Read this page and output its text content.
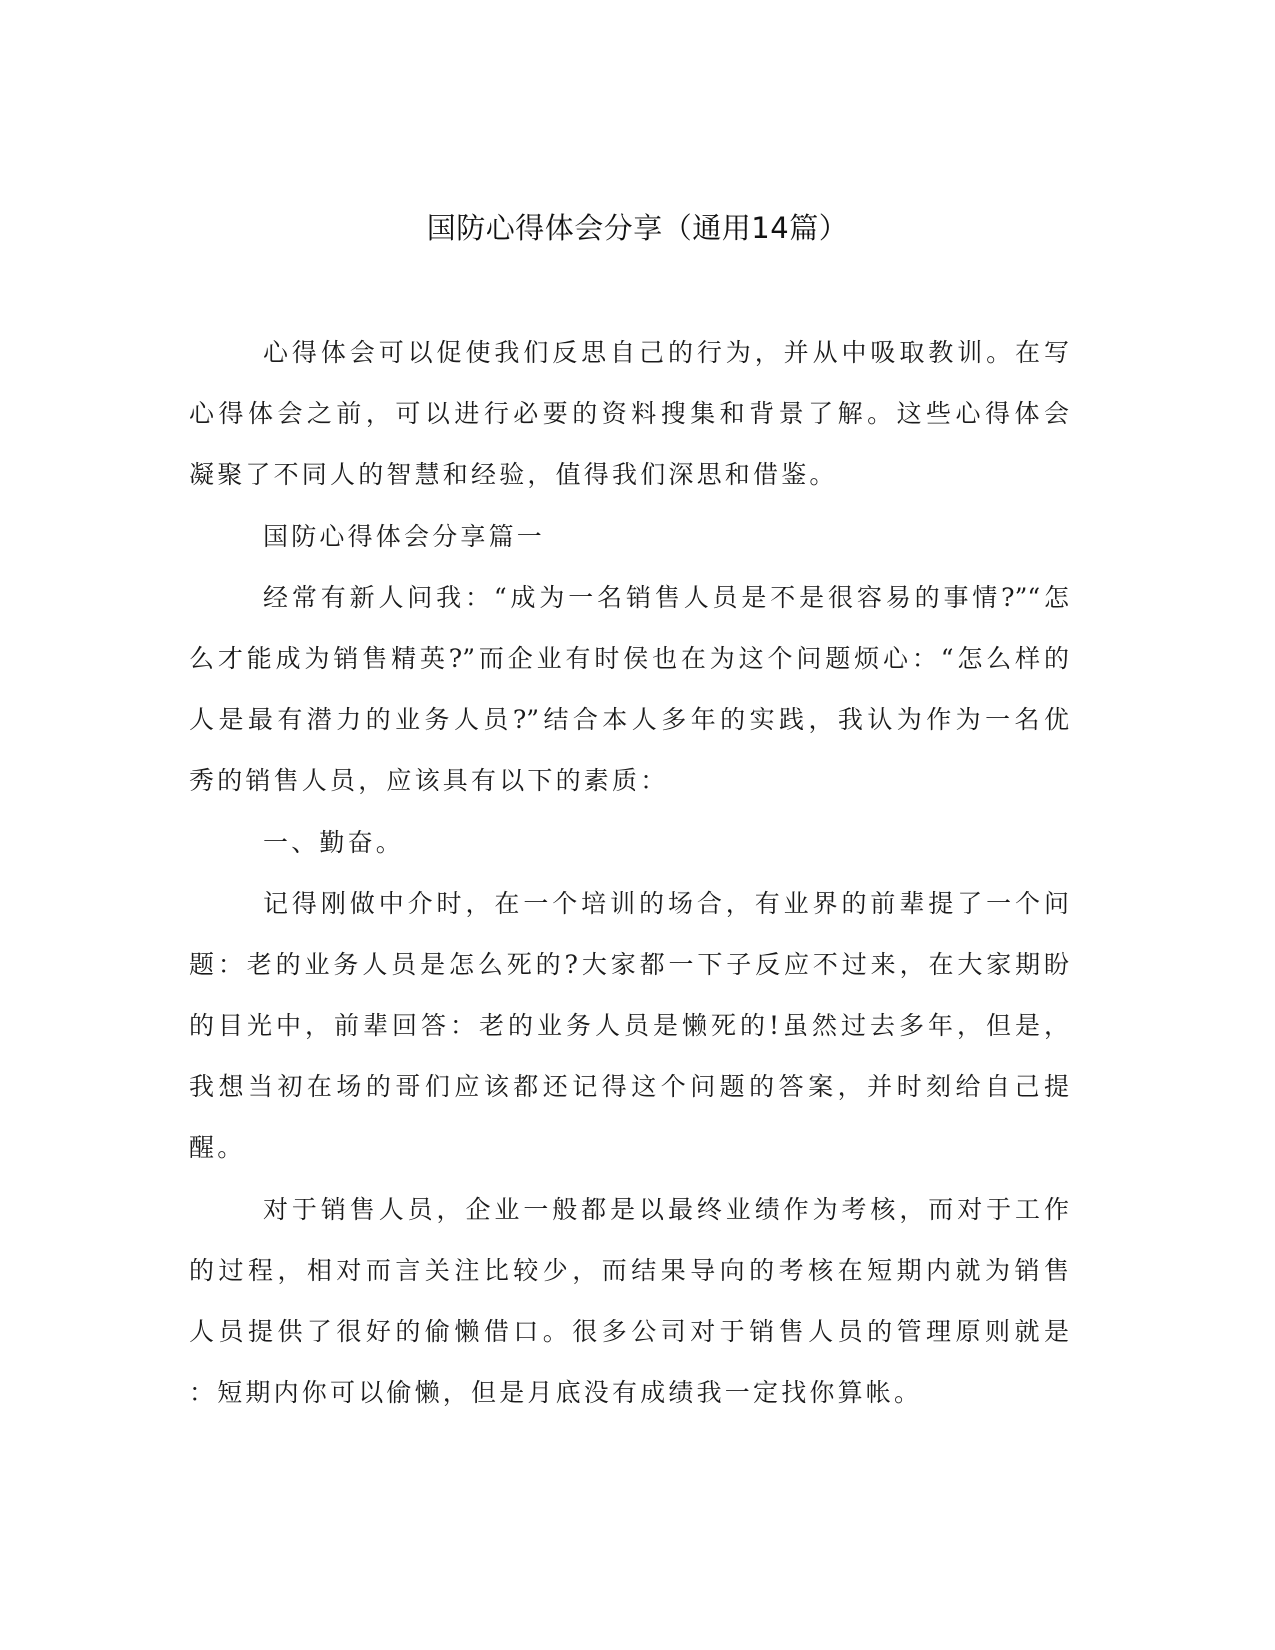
国防心得体会分享（通用14篇）
心得体会可以促使我们反思自己的行为，并从中吸取教训。在写
心得体会之前，可以进行必要的资料搜集和背景了解。这些心得体会
凝聚了不同人的智慧和经验，值得我们深思和借鉴。
国防心得体会分享篇一
经常有新人问我：“成为一名销售人员是不是很容易的事情?”“怎
么才能成为销售精英?”而企业有时侯也在为这个问题烦心：“怎么样的
人是最有潜力的业务人员?”结合本人多年的实践，我认为作为一名优
秀的销售人员，应该具有以下的素质：
一、勤奋。
记得刚做中介时，在一个培训的场合，有业界的前辈提了一个问
题：老的业务人员是怎么死的?大家都一下子反应不过来，在大家期盼
的目光中，前辈回答：老的业务人员是懒死的!虽然过去多年，但是，
我想当初在场的哥们应该都还记得这个问题的答案，并时刻给自己提
醒。
对于销售人员，企业一般都是以最终业绩作为考核，而对于工作
的过程，相对而言关注比较少，而结果导向的考核在短期内就为销售
人员提供了很好的偷懒借口。很多公司对于销售人员的管理原则就是
：短期内你可以偷懒，但是月底没有成绩我一定找你算帐。
